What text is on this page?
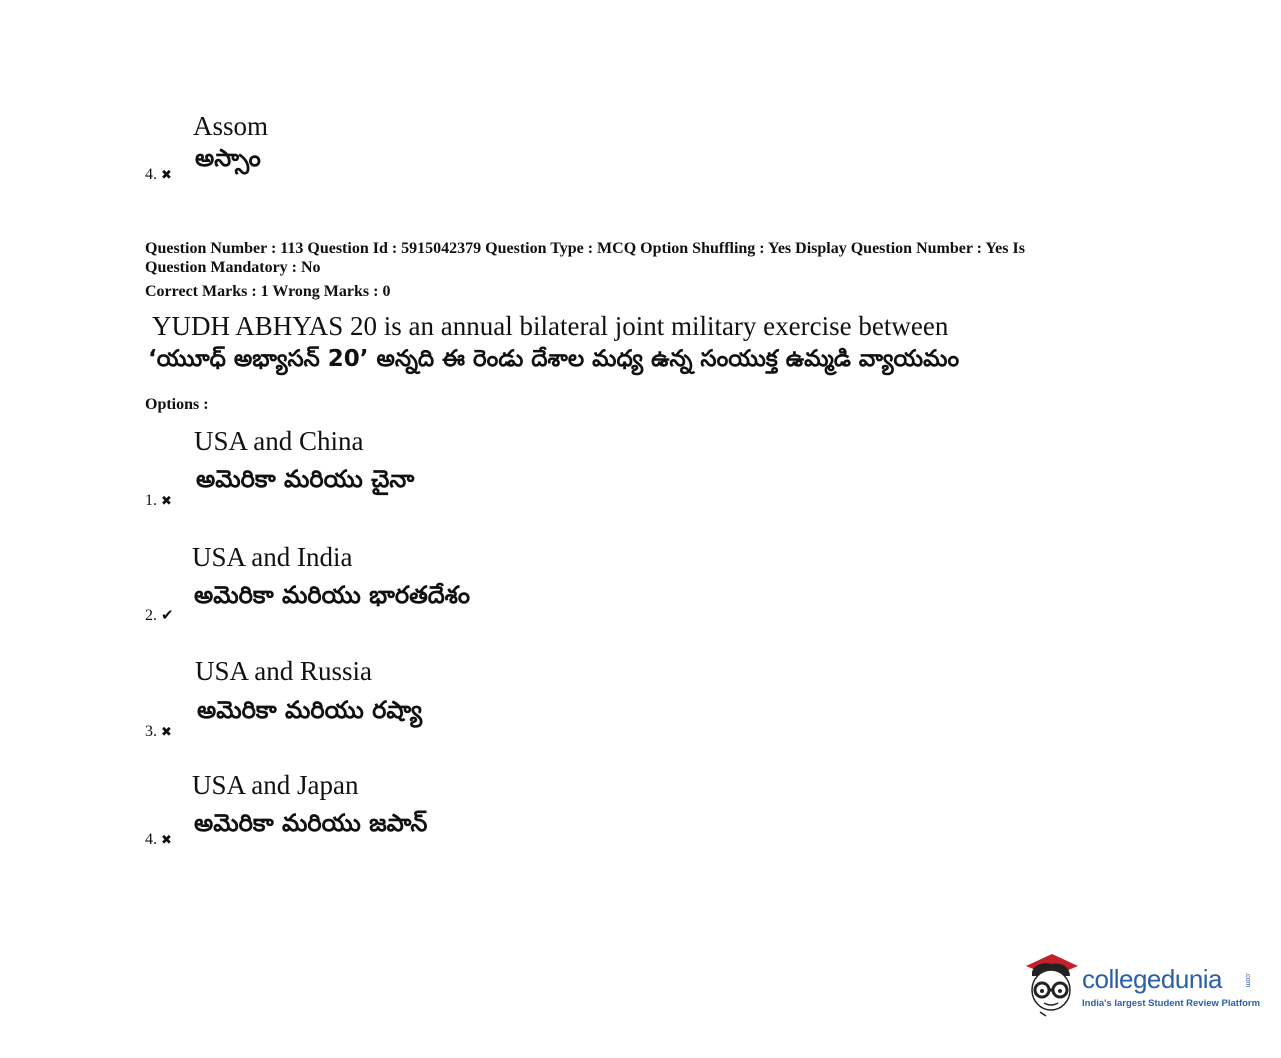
Assom
అస్సాం
4. ✖
Question Number : 113 Question Id : 5915042379 Question Type : MCQ Option Shuffling : Yes Display Question Number : Yes Is
Question Mandatory : No
Correct Marks : 1 Wrong Marks : 0
YUDH ABHYAS 20 is an annual bilateral joint military exercise between
‘యుూధ్ అభ్యాసన్ 20’ అన్నది ఈ రెండు దేశాల మధ్య ఉన్న సంయుక్త ఉమ్మడి వ్యాయమం
Options :
USA and China
అమెరికా మరియు చైనా
1. ✖
USA and India
అమెరికా మరియు భారతదేశం
2. ✔
USA and Russia
అమెరికా మరియు రష్యా
3. ✖
USA and Japan
అమెరికా మరియు జపాన్
4. ✖
collegedunia	.com
India's largest Student Review Platform
